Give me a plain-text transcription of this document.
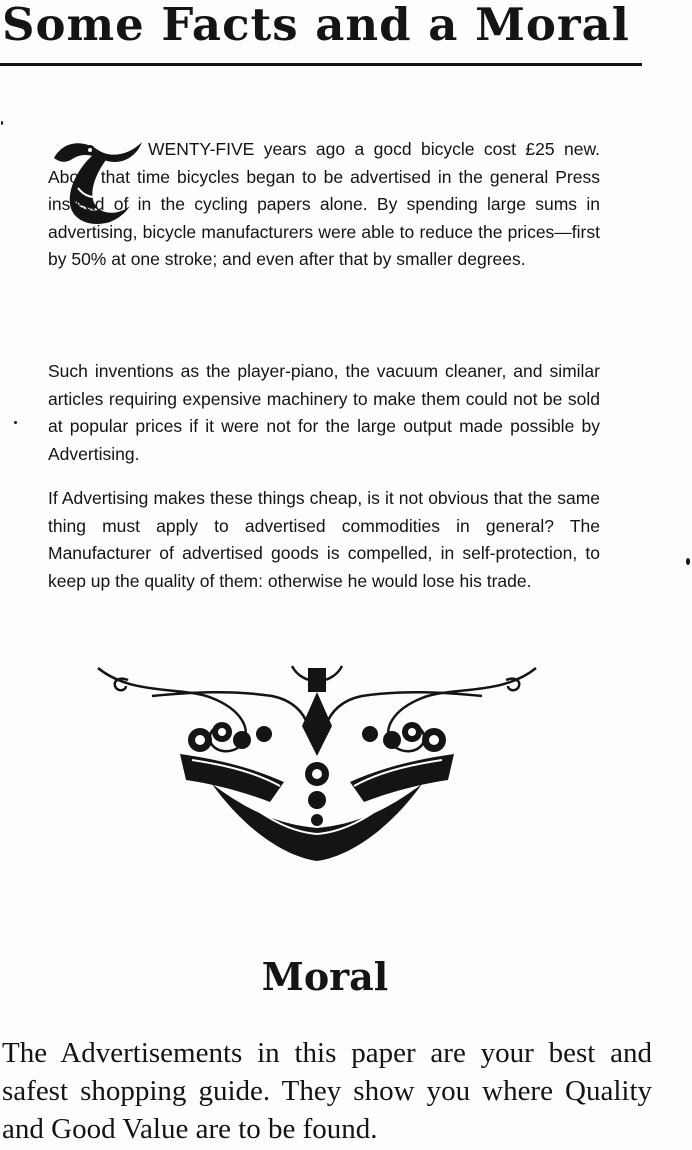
Some Facts and a Moral

WENTY-FIVE years ago a gocd bicycle cost £25 new. About that time bicycles began to be advertised in the general Press instead of in the cycling papers alone. By spending large sums in advertising, bicycle manufacturers were able to reduce the prices—first by 50% at one stroke; and even after that by smaller degrees.

Such inventions as the player-piano, the vacuum cleaner, and similar articles requiring expensive machinery to make them could not be sold at popular prices if it were not for the large output made possible by Advertising.

If Advertising makes these things cheap, is it not obvious that the same thing must apply to advertised commodities in general? The Manufacturer of advertised goods is compelled, in self-protection, to keep up the quality of them: otherwise he would lose his trade.

Moral

The Advertisements in this paper are your best and safest shopping guide. They show you where Quality and Good Value are to be found.
